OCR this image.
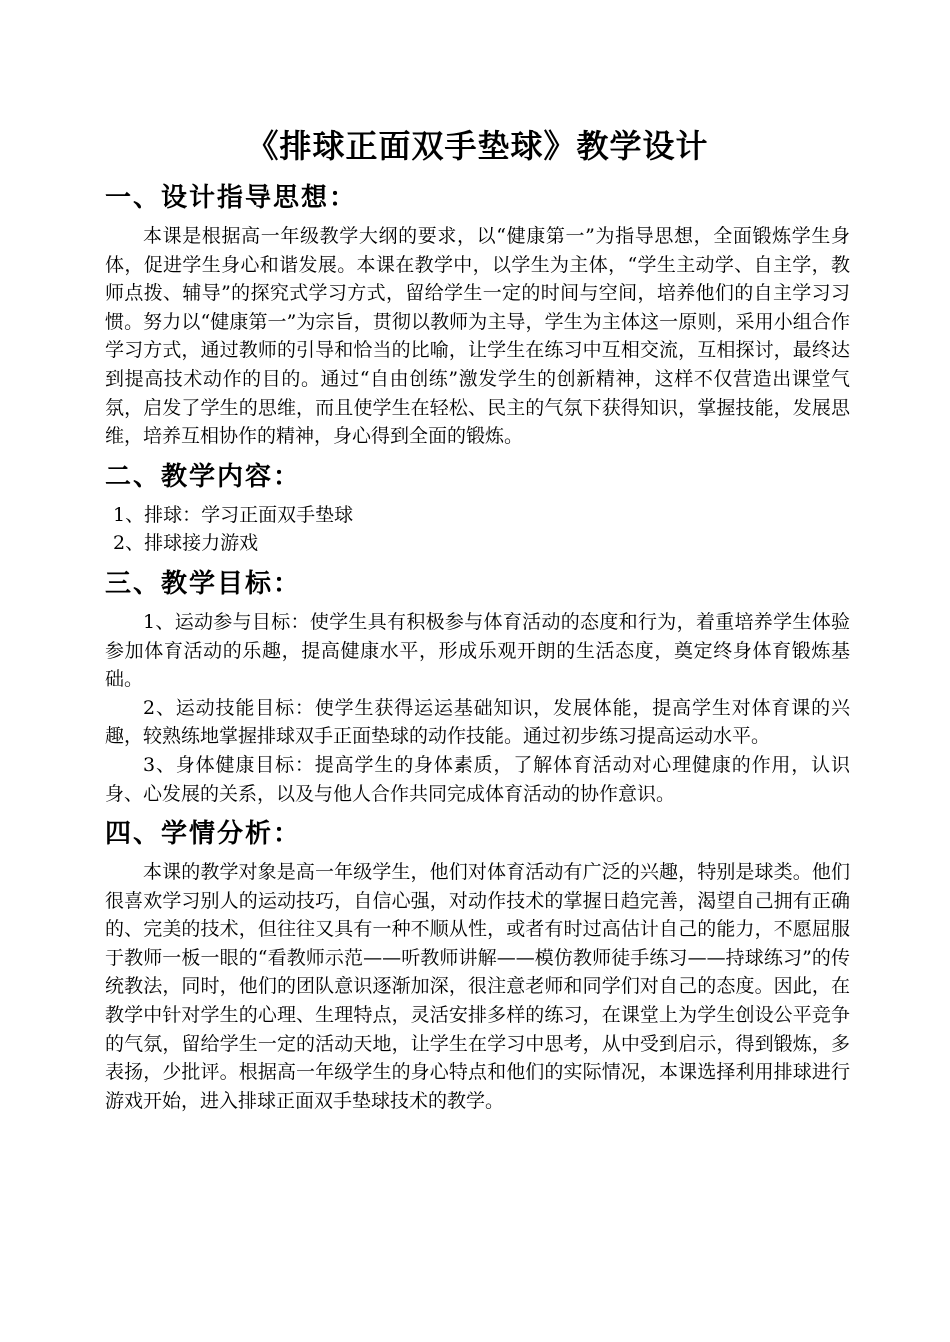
《排球正面双手垫球》教学设计
一、设计指导思想：

本课是根据高一年级教学大纲的要求，以“健康第一”为指导思想，全面锻炼学生身体，促进学生身心和谐发展。本课在教学中，以学生为主体，“学生主动学、自主学，教师点拨、辅导”的探究式学习方式，留给学生一定的时间与空间，培养他们的自主学习习惯。努力以“健康第一”为宗旨，贯彻以教师为主导，学生为主体这一原则，采用小组合作学习方式，通过教师的引导和恰当的比喻，让学生在练习中互相交流，互相探讨，最终达到提高技术动作的目的。通过“自由创练”激发学生的创新精神，这样不仅营造出课堂气氛，启发了学生的思维，而且使学生在轻松、民主的气氛下获得知识，掌握技能，发展思维，培养互相协作的精神，身心得到全面的锻炼。

二、教学内容：

1、排球：学习正面双手垫球

2、排球接力游戏

三、教学目标：

1、运动参与目标：使学生具有积极参与体育活动的态度和行为，着重培养学生体验参加体育活动的乐趣，提高健康水平，形成乐观开朗的生活态度，奠定终身体育锻炼基础。

2、运动技能目标：使学生获得运运基础知识，发展体能，提高学生对体育课的兴趣，较熟练地掌握排球双手正面垫球的动作技能。通过初步练习提高运动水平。

3、身体健康目标：提高学生的身体素质，了解体育活动对心理健康的作用，认识身、心发展的关系，以及与他人合作共同完成体育活动的协作意识。

四、学情分析：

本课的教学对象是高一年级学生，他们对体育活动有广泛的兴趣，特别是球类。他们很喜欢学习别人的运动技巧，自信心强，对动作技术的掌握日趋完善，渴望自己拥有正确的、完美的技术，但往往又具有一种不顺从性，或者有时过高估计自己的能力，不愿屈服于教师一板一眼的“看教师示范——听教师讲解——模仿教师徒手练习——持球练习”的传统教法，同时，他们的团队意识逐渐加深，很注意老师和同学们对自己的态度。因此，在教学中针对学生的心理、生理特点，灵活安排多样的练习，在课堂上为学生创设公平竞争的气氛，留给学生一定的活动天地，让学生在学习中思考，从中受到启示，得到锻炼，多表扬，少批评。根据高一年级学生的身心特点和他们的实际情况，本课选择利用排球进行游戏开始，进入排球正面双手垫球技术的教学。
